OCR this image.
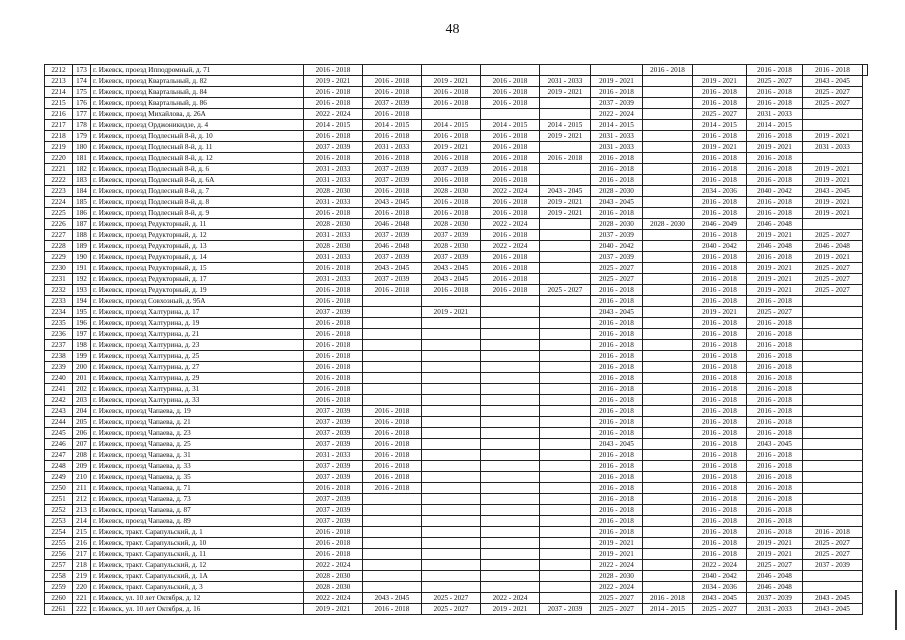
48
2212	173	г. Ижевск, проезд Ипподромный, д. 71	2016 - 2018						2016 - 2018		2016 - 2018	2016 - 2018	
2213	174	г. Ижевск, проезд Квартальный, д. 82	2019 - 2021	2016 - 2018	2019 - 2021	2016 - 2018	2031 - 2033	2019 - 2021		2019 - 2021	2025 - 2027	2043 - 2045	
2214	175	г. Ижевск, проезд Квартальный, д. 84	2016 - 2018	2016 - 2018	2016 - 2018	2016 - 2018	2019 - 2021	2016 - 2018		2016 - 2018	2016 - 2018	2025 - 2027	
2215	176	г. Ижевск, проезд Квартальный, д. 86	2016 - 2018	2037 - 2039	2016 - 2018	2016 - 2018		2037 - 2039		2016 - 2018	2016 - 2018	2025 - 2027	
2216	177	г. Ижевск, проезд Михайлова, д. 26А	2022 - 2024	2016 - 2018				2022 - 2024		2025 - 2027	2031 - 2033		
2217	178	г. Ижевск, проезд Орджоникидзе, д. 4	2014 - 2015	2014 - 2015	2014 - 2015	2014 - 2015	2014 - 2015	2014 - 2015		2014 - 2015	2014 - 2015		
2218	179	г. Ижевск, проезд Подлесный 8-й, д. 10	2016 - 2018	2016 - 2018	2016 - 2018	2016 - 2018	2019 - 2021	2031 - 2033		2016 - 2018	2016 - 2018	2019 - 2021	
2219	180	г. Ижевск, проезд Подлесный 8-й, д. 11	2037 - 2039	2031 - 2033	2019 - 2021	2016 - 2018		2031 - 2033		2019 - 2021	2019 - 2021	2031 - 2033	
2220	181	г. Ижевск, проезд Подлесный 8-й, д. 12	2016 - 2018	2016 - 2018	2016 - 2018	2016 - 2018	2016 - 2018	2016 - 2018		2016 - 2018	2016 - 2018		
2221	182	г. Ижевск, проезд Подлесный 8-й, д. 6	2031 - 2033	2037 - 2039	2037 - 2039	2016 - 2018		2016 - 2018		2016 - 2018	2016 - 2018	2019 - 2021	
2222	183	г. Ижевск, проезд Подлесный 8-й, д. 6А	2031 - 2033	2037 - 2039	2016 - 2018	2016 - 2018		2016 - 2018		2016 - 2018	2016 - 2018	2019 - 2021	
2223	184	г. Ижевск, проезд Подлесный 8-й, д. 7	2028 - 2030	2016 - 2018	2028 - 2030	2022 - 2024	2043 - 2045	2028 - 2030		2034 - 2036	2040 - 2042	2043 - 2045	
2224	185	г. Ижевск, проезд Подлесный 8-й, д. 8	2031 - 2033	2043 - 2045	2016 - 2018	2016 - 2018	2019 - 2021	2043 - 2045		2016 - 2018	2016 - 2018	2019 - 2021	
2225	186	г. Ижевск, проезд Подлесный 8-й, д. 9	2016 - 2018	2016 - 2018	2016 - 2018	2016 - 2018	2019 - 2021	2016 - 2018		2016 - 2018	2016 - 2018	2019 - 2021	
2226	187	г. Ижевск, проезд Редукторный, д. 11	2028 - 2030	2046 - 2048	2028 - 2030	2022 - 2024		2028 - 2030	2028 - 2030	2046 - 2049	2046 - 2048		
2227	188	г. Ижевск, проезд Редукторный, д. 12	2031 - 2033	2037 - 2039	2037 - 2039	2016 - 2018		2037 - 2039		2016 - 2018	2019 - 2021	2025 - 2027	
2228	189	г. Ижевск, проезд Редукторный, д. 13	2028 - 2030	2046 - 2048	2028 - 2030	2022 - 2024		2040 - 2042		2040 - 2042	2046 - 2048	2046 - 2048	
2229	190	г. Ижевск, проезд Редукторный, д. 14	2031 - 2033	2037 - 2039	2037 - 2039	2016 - 2018		2037 - 2039		2016 - 2018	2016 - 2018	2019 - 2021	
2230	191	г. Ижевск, проезд Редукторный, д. 15	2016 - 2018	2043 - 2045	2043 - 2045	2016 - 2018		2025 - 2027		2016 - 2018	2019 - 2021	2025 - 2027	
2231	192	г. Ижевск, проезд Редукторный, д. 17	2031 - 2033	2037 - 2039	2043 - 2045	2016 - 2018		2025 - 2027		2016 - 2018	2019 - 2021	2025 - 2027	
2232	193	г. Ижевск, проезд Редукторный, д. 19	2016 - 2018	2016 - 2018	2016 - 2018	2016 - 2018	2025 - 2027	2016 - 2018		2016 - 2018	2019 - 2021	2025 - 2027	
2233	194	г. Ижевск, проезд Совхозный, д. 95А	2016 - 2018					2016 - 2018		2016 - 2018	2016 - 2018		
2234	195	г. Ижевск, проезд Халтурина, д. 17	2037 - 2039		2019 - 2021			2043 - 2045		2019 - 2021	2025 - 2027		
2235	196	г. Ижевск, проезд Халтурина, д. 19	2016 - 2018					2016 - 2018		2016 - 2018	2016 - 2018		
2236	197	г. Ижевск, проезд Халтурина, д. 21	2016 - 2018					2016 - 2018		2016 - 2018	2016 - 2018		
2237	198	г. Ижевск, проезд Халтурина, д. 23	2016 - 2018					2016 - 2018		2016 - 2018	2016 - 2018		
2238	199	г. Ижевск, проезд Халтурина, д. 25	2016 - 2018					2016 - 2018		2016 - 2018	2016 - 2018		
2239	200	г. Ижевск, проезд Халтурина, д. 27	2016 - 2018					2016 - 2018		2016 - 2018	2016 - 2018		
2240	201	г. Ижевск, проезд Халтурина, д. 29	2016 - 2018					2016 - 2018		2016 - 2018	2016 - 2018		
2241	202	г. Ижевск, проезд Халтурина, д. 31	2016 - 2018					2016 - 2018		2016 - 2018	2016 - 2018		
2242	203	г. Ижевск, проезд Халтурина, д. 33	2016 - 2018					2016 - 2018		2016 - 2018	2016 - 2018		
2243	204	г. Ижевск, проезд Чапаева, д. 19	2037 - 2039	2016 - 2018				2016 - 2018		2016 - 2018	2016 - 2018		
2244	205	г. Ижевск, проезд Чапаева, д. 21	2037 - 2039	2016 - 2018				2016 - 2018		2016 - 2018	2016 - 2018		
2245	206	г. Ижевск, проезд Чапаева, д. 23	2037 - 2039	2016 - 2018				2016 - 2018		2016 - 2018	2016 - 2018		
2246	207	г. Ижевск, проезд Чапаева, д. 25	2037 - 2039	2016 - 2018				2043 - 2045		2016 - 2018	2043 - 2045		
2247	208	г. Ижевск, проезд Чапаева, д. 31	2031 - 2033	2016 - 2018				2016 - 2018		2016 - 2018	2016 - 2018		
2248	209	г. Ижевск, проезд Чапаева, д. 33	2037 - 2039	2016 - 2018				2016 - 2018		2016 - 2018	2016 - 2018		
2249	210	г. Ижевск, проезд Чапаева, д. 35	2037 - 2039	2016 - 2018				2016 - 2018		2016 - 2018	2016 - 2018		
2250	211	г. Ижевск, проезд Чапаева, д. 71	2016 - 2018	2016 - 2018				2016 - 2018		2016 - 2018	2016 - 2018		
2251	212	г. Ижевск, проезд Чапаева, д. 73	2037 - 2039					2016 - 2018		2016 - 2018	2016 - 2018		
2252	213	г. Ижевск, проезд Чапаева, д. 87	2037 - 2039					2016 - 2018		2016 - 2018	2016 - 2018		
2253	214	г. Ижевск, проезд Чапаева, д. 89	2037 - 2039					2016 - 2018		2016 - 2018	2016 - 2018		
2254	215	г. Ижевск, тракт. Сарапульский, д. 1	2016 - 2018					2016 - 2018		2016 - 2018	2016 - 2018	2016 - 2018	
2255	216	г. Ижевск, тракт. Сарапульский, д. 10	2016 - 2018					2019 - 2021		2016 - 2018	2019 - 2021	2025 - 2027	
2256	217	г. Ижевск, тракт. Сарапульский, д. 11	2016 - 2018					2019 - 2021		2016 - 2018	2019 - 2021	2025 - 2027	
2257	218	г. Ижевск, тракт. Сарапульский, д. 12	2022 - 2024					2022 - 2024		2022 - 2024	2025 - 2027	2037 - 2039	
2258	219	г. Ижевск, тракт. Сарапульский, д. 1А	2028 - 2030					2028 - 2030		2040 - 2042	2046 - 2048		
2259	220	г. Ижевск, тракт. Сарапульский, д. 3	2028 - 2030					2022 - 2024		2034 - 2036	2046 - 2048		
2260	221	г. Ижевск, ул. 10 лет Октября, д. 12	2022 - 2024	2043 - 2045	2025 - 2027	2022 - 2024		2025 - 2027	2016 - 2018	2043 - 2045	2037 - 2039	2043 - 2045	
2261	222	г. Ижевск, ул. 10 лет Октября, д. 16	2019 - 2021	2016 - 2018	2025 - 2027	2019 - 2021	2037 - 2039	2025 - 2027	2014 - 2015	2025 - 2027	2031 - 2033	2043 - 2045	
